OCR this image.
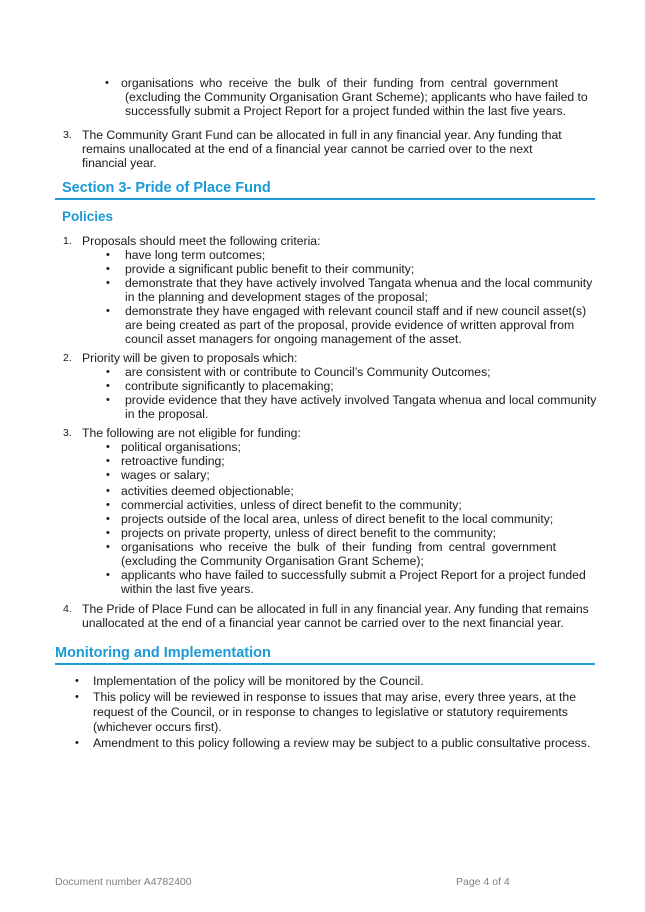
• organisations who receive the bulk of their funding from central government
(excluding the Community Organisation Grant Scheme); applicants who have failed to
successfully submit a Project Report for a project funded within the last five years.
3. The Community Grant Fund can be allocated in full in any financial year. Any funding that
remains unallocated at the end of a financial year cannot be carried over to the next
financial year.
Section 3- Pride of Place Fund
Policies
1. Proposals should meet the following criteria:
• have long term outcomes;
• provide a significant public benefit to their community;
• demonstrate that they have actively involved Tangata whenua and the local community
in the planning and development stages of the proposal;
• demonstrate they have engaged with relevant council staff and if new council asset(s)
are being created as part of the proposal, provide evidence of written approval from
council asset managers for ongoing management of the asset.
2. Priority will be given to proposals which:
• are consistent with or contribute to Council’s Community Outcomes;
• contribute significantly to placemaking;
• provide evidence that they have actively involved Tangata whenua and local community
in the proposal.
3. The following are not eligible for funding:
• political organisations;
• retroactive funding;
• wages or salary;
• activities deemed objectionable;
• commercial activities, unless of direct benefit to the community;
• projects outside of the local area, unless of direct benefit to the local community;
• projects on private property, unless of direct benefit to the community;
• organisations who receive the bulk of their funding from central government
(excluding the Community Organisation Grant Scheme);
• applicants who have failed to successfully submit a Project Report for a project funded
within the last five years.
4. The Pride of Place Fund can be allocated in full in any financial year. Any funding that remains
unallocated at the end of a financial year cannot be carried over to the next financial year.
Monitoring and Implementation
• Implementation of the policy will be monitored by the Council.
• This policy will be reviewed in response to issues that may arise, every three years, at the
request of the Council, or in response to changes to legislative or statutory requirements
(whichever occurs first).
• Amendment to this policy following a review may be subject to a public consultative process.
Document number A4782400	Page 4 of 4
